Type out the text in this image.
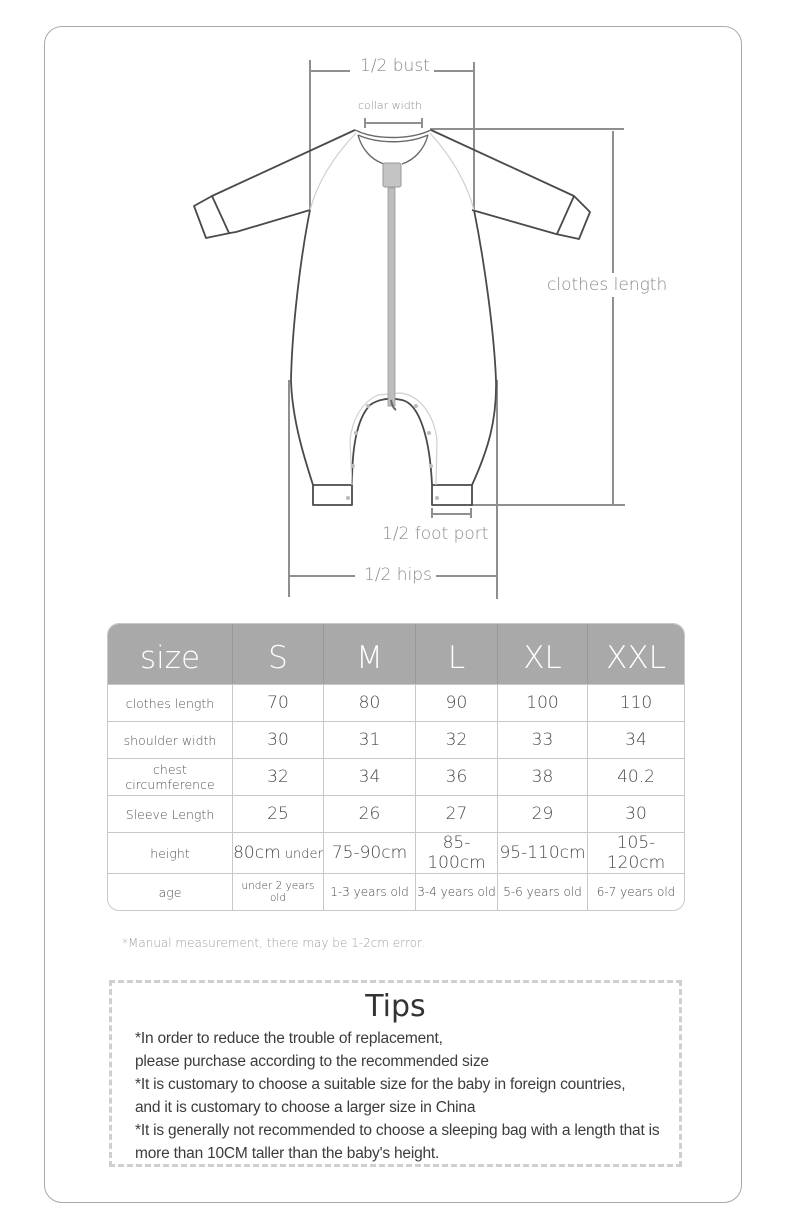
1/2 bust
collar width
clothes length
1/2 foot port
1/2 hips
size	S	M	L	XL	XXL
clothes length	70	80	90	100	110
shoulder width	30	31	32	33	34
chest circumference	32	34	36	38	40.2
Sleeve Length	25	26	27	29	30
height	80cm under	75-90cm	85-100cm	95-110cm	105-120cm
age	under 2 years old	1-3 years old	3-4 years old	5-6 years old	6-7 years old
*Manual measurement, there may be 1-2cm error.
Tips
*In order to reduce the trouble of replacement,
please purchase according to the recommended size
*It is customary to choose a suitable size for the baby in foreign countries,
and it is customary to choose a larger size in China
*It is generally not recommended to choose a sleeping bag with a length that is
more than 10CM taller than the baby's height.
